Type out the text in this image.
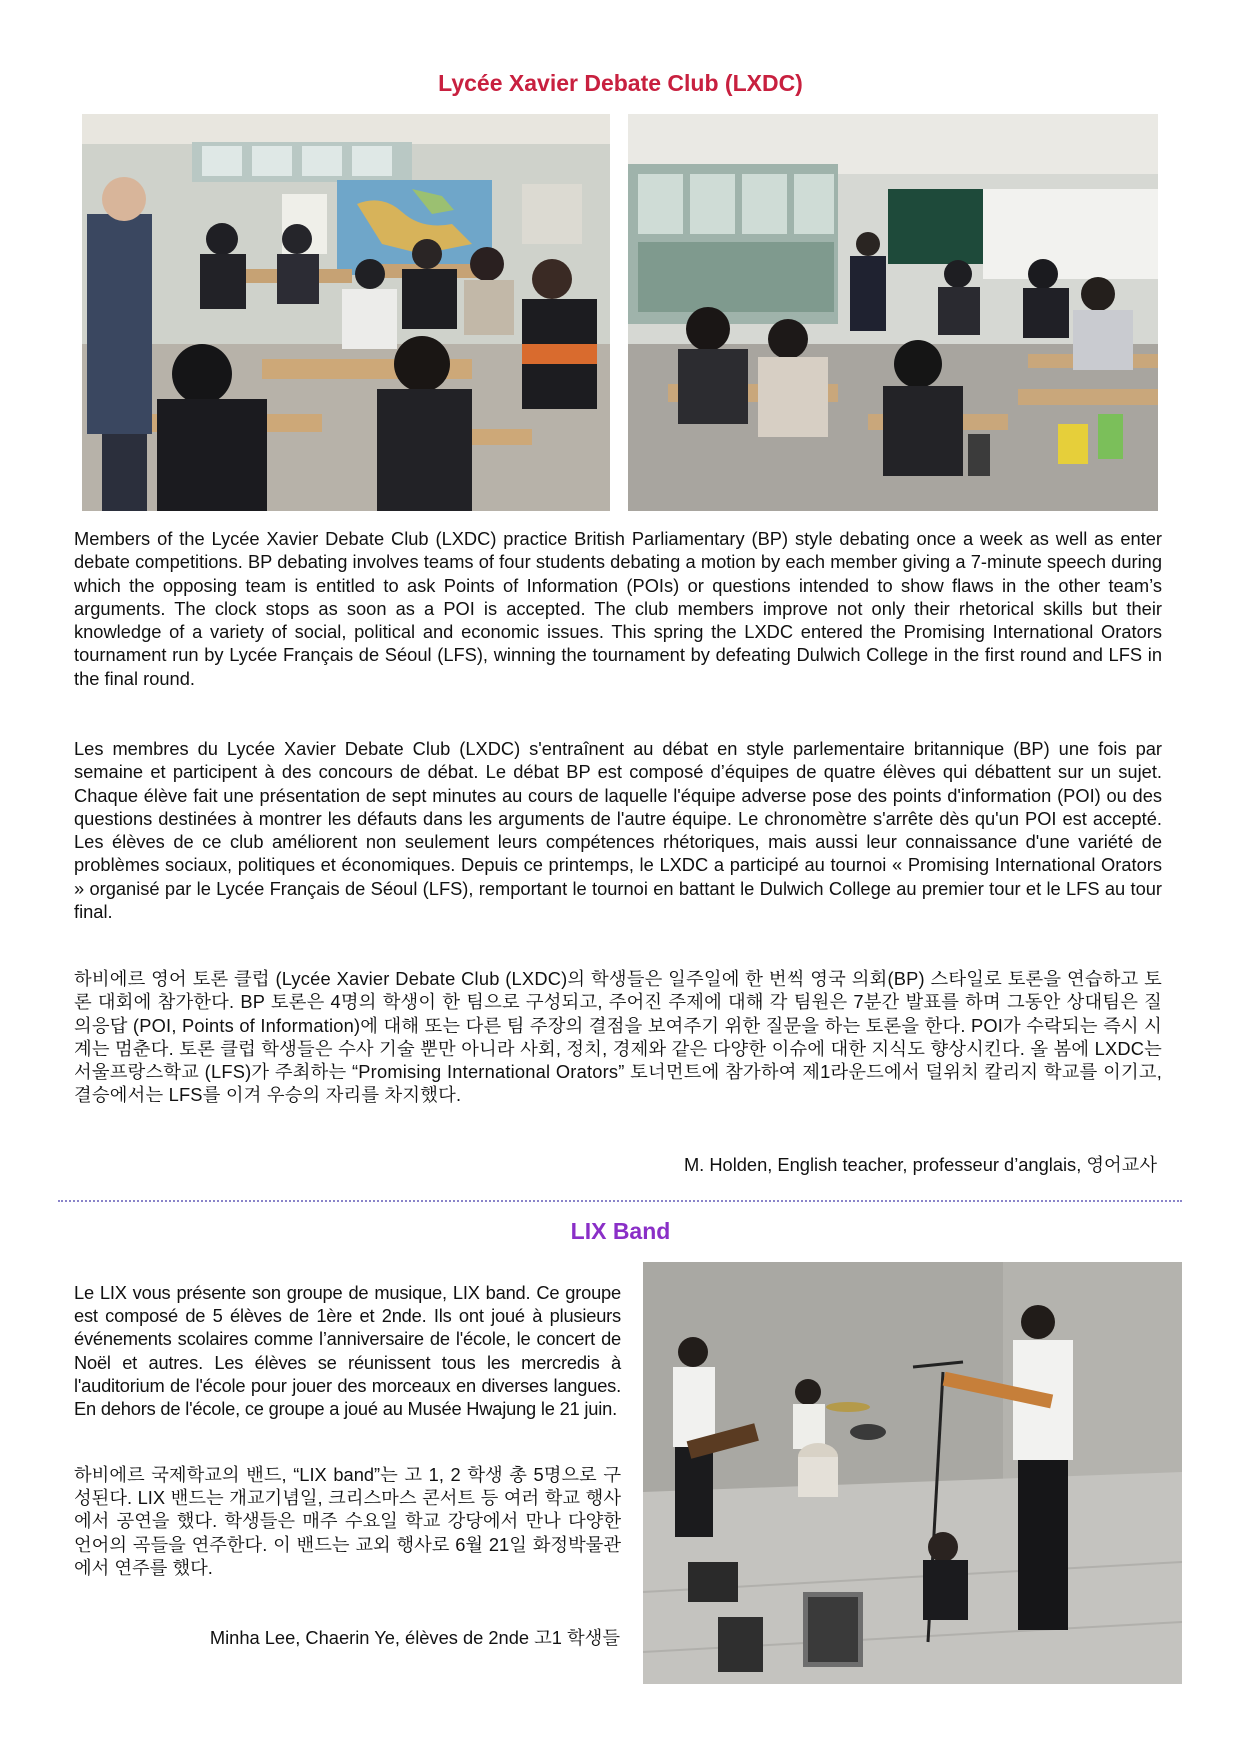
Lycée Xavier Debate Club (LXDC)

Members of the Lycée Xavier Debate Club (LXDC) practice British Parliamentary (BP) style debating once a week as well as enter debate competitions. BP debating involves teams of four students debating a motion by each member giving a 7-minute speech during which the opposing team is entitled to ask Points of Information (POIs) or questions intended to show flaws in the other team’s arguments. The clock stops as soon as a POI is accepted. The club members improve not only their rhetorical skills but their knowledge of a variety of social, political and economic issues. This spring the LXDC entered the Promising International Orators tournament run by Lycée Français de Séoul (LFS), winning the tournament by defeating Dulwich College in the first round and LFS in the final round.

Les membres du Lycée Xavier Debate Club (LXDC) s'entraînent au débat en style parlementaire britannique (BP) une fois par semaine et participent à des concours de débat. Le débat BP est composé d’équipes de quatre élèves qui débattent sur un sujet. Chaque élève fait une présentation de sept minutes au cours de laquelle l'équipe adverse pose des points d'information (POI) ou des questions destinées à montrer les défauts dans les arguments de l'autre équipe. Le chronomètre s'arrête dès qu'un POI est accepté. Les élèves de ce club améliorent non seulement leurs compétences rhétoriques, mais aussi leur connaissance d'une variété de problèmes sociaux, politiques et économiques. Depuis ce printemps, le LXDC a participé au tournoi « Promising International Orators » organisé par le Lycée Français de Séoul (LFS), remportant le tournoi en battant le Dulwich College au premier tour et le LFS au tour final.

하비에르 영어 토론 클럽 (Lycée Xavier Debate Club (LXDC)의 학생들은 일주일에 한 번씩 영국 의회(BP) 스타일로 토론을 연습하고 토론 대회에 참가한다. BP 토론은 4명의 학생이 한 팀으로 구성되고, 주어진 주제에 대해 각 팀원은 7분간 발표를 하며 그동안 상대팀은 질의응답 (POI, Points of Information)에 대해 또는 다른 팀 주장의 결점을 보여주기 위한 질문을 하는 토론을 한다. POI가 수락되는 즉시 시계는 멈춘다. 토론 클럽 학생들은 수사 기술 뿐만 아니라 사회, 정치, 경제와 같은 다양한 이슈에 대한 지식도 향상시킨다. 올 봄에 LXDC는 서울프랑스학교 (LFS)가 주최하는 “Promising International Orators” 토너먼트에 참가하여 제1라운드에서 덜위치 칼리지 학교를 이기고, 결승에서는 LFS를 이겨 우승의 자리를 차지했다.

M. Holden, English teacher, professeur d’anglais, 영어교사
LIX Band

Le LIX vous présente son groupe de musique, LIX band. Ce groupe est composé de 5 élèves de 1ère et 2nde. Ils ont joué à plusieurs événements scolaires comme l’anniversaire de l'école, le concert de Noël et autres. Les élèves se réunissent tous les mercredis à l'auditorium de l'école pour jouer des morceaux en diverses langues. En dehors de l'école, ce groupe a joué au Musée Hwajung le 21 juin.

하비에르 국제학교의 밴드, “LIX band”는 고 1, 2 학생 총 5명으로 구성된다. LIX 밴드는 개교기념일, 크리스마스 콘서트 등 여러 학교 행사에서 공연을 했다. 학생들은 매주 수요일 학교 강당에서 만나 다양한 언어의 곡들을 연주한다. 이 밴드는 교외 행사로 6월 21일 화정박물관에서 연주를 했다.

Minha Lee, Chaerin Ye, élèves de 2nde 고1 학생들
